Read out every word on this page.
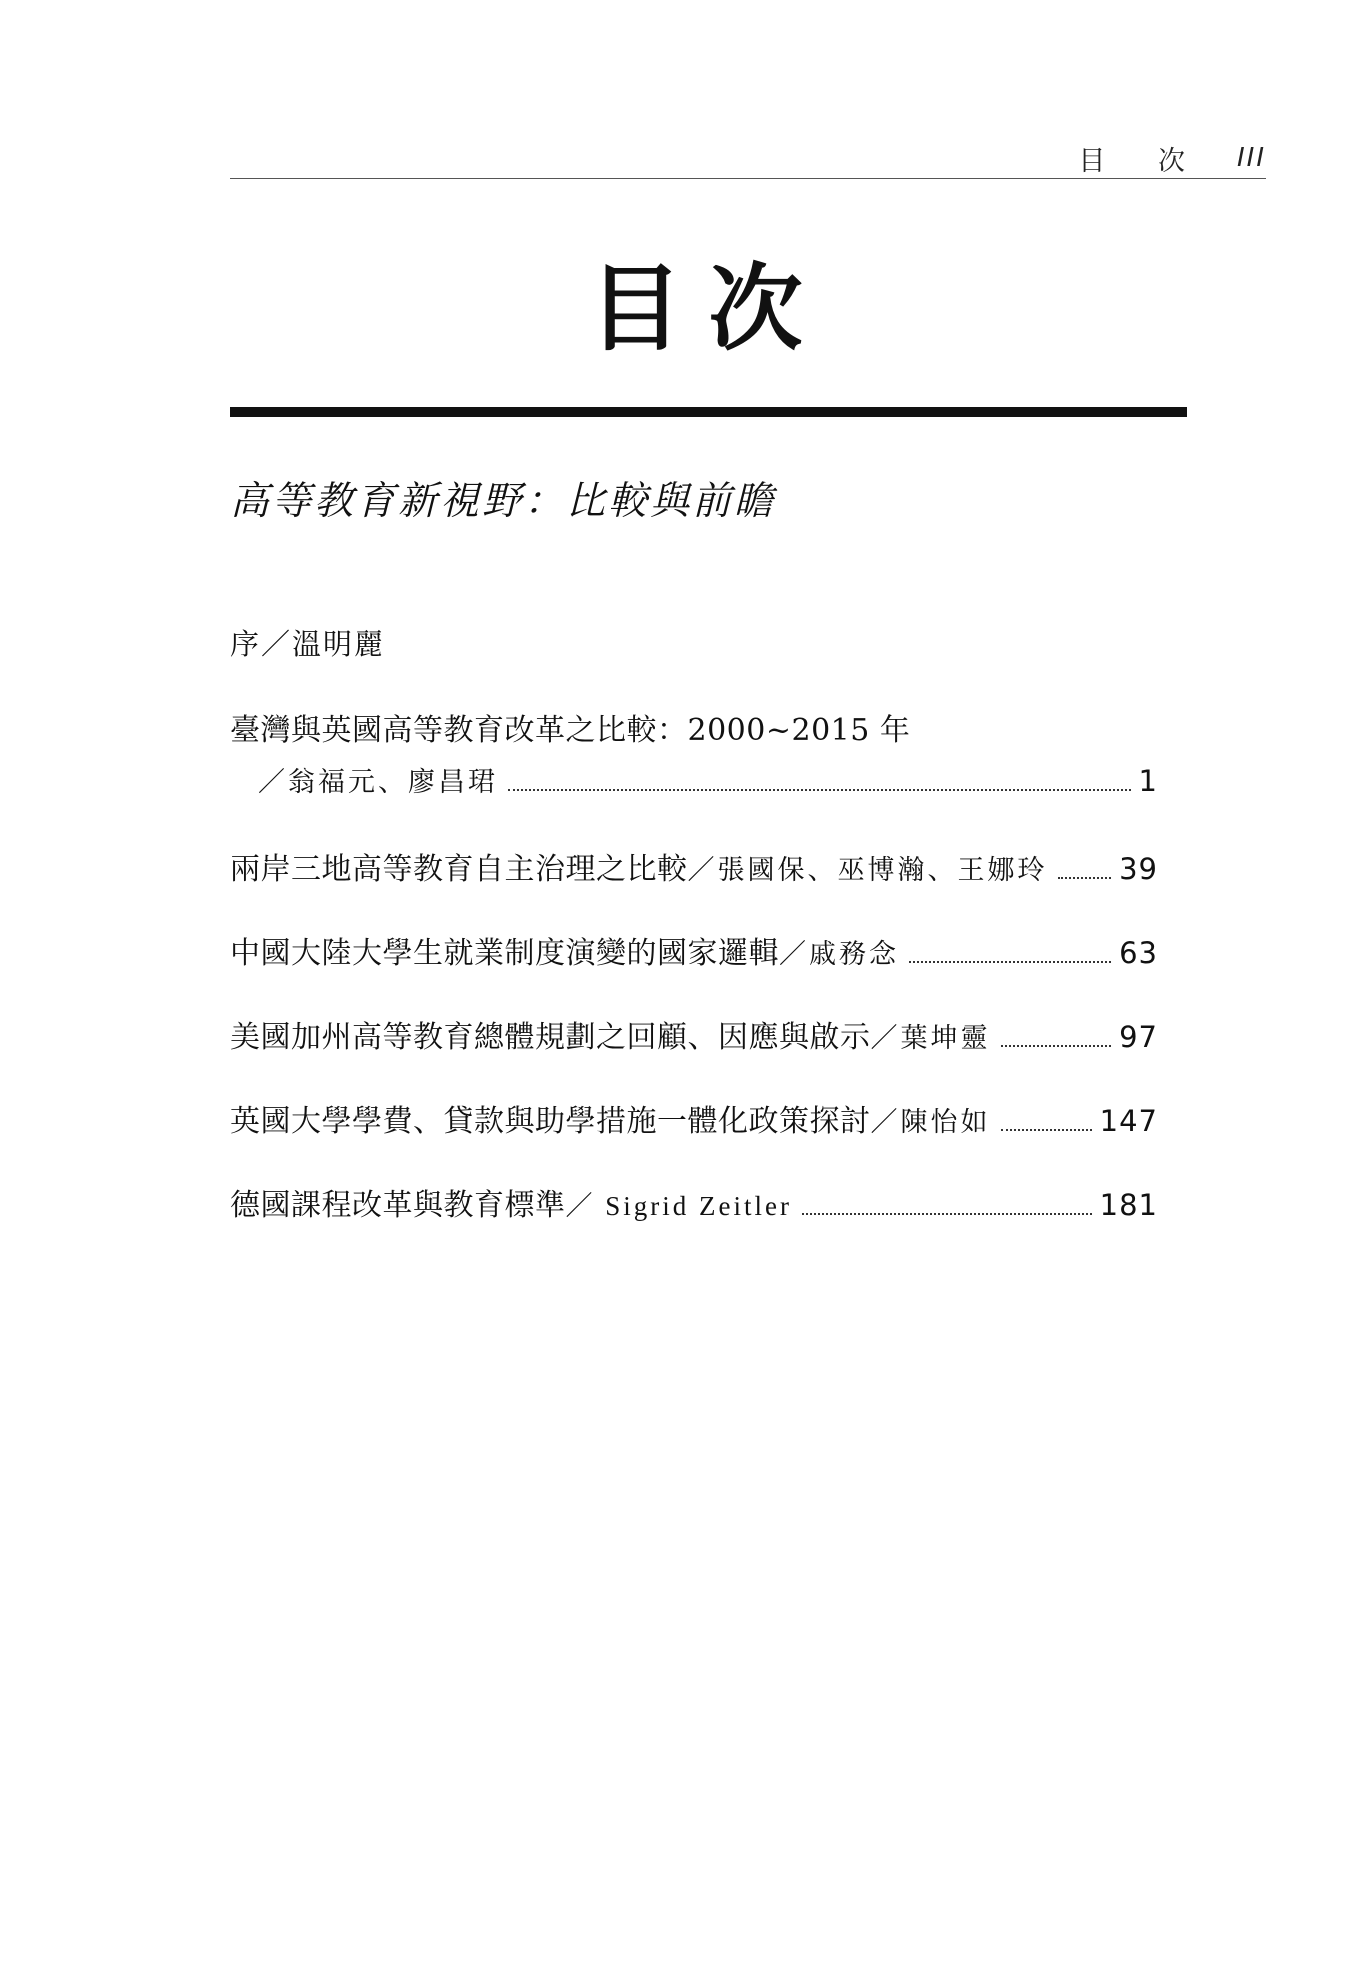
目 次 III
目次
高等教育新視野：比較與前瞻
序／溫明麗
臺灣與英國高等教育改革之比較：2000~2015 年
／翁福元、廖昌珺	1
兩岸三地高等教育自主治理之比較 ／張國保、巫博瀚、王娜玲 39
中國大陸大學生就業制度演變的國家邏輯 ／戚務念	63
美國加州高等教育總體規劃之回顧、因應與啟示 ／葉坤靈	97
英國大學學費、貸款與助學措施一體化政策探討 ／陳怡如	147
德國課程改革與教育標準 ／ Sigrid Zeitler	181
